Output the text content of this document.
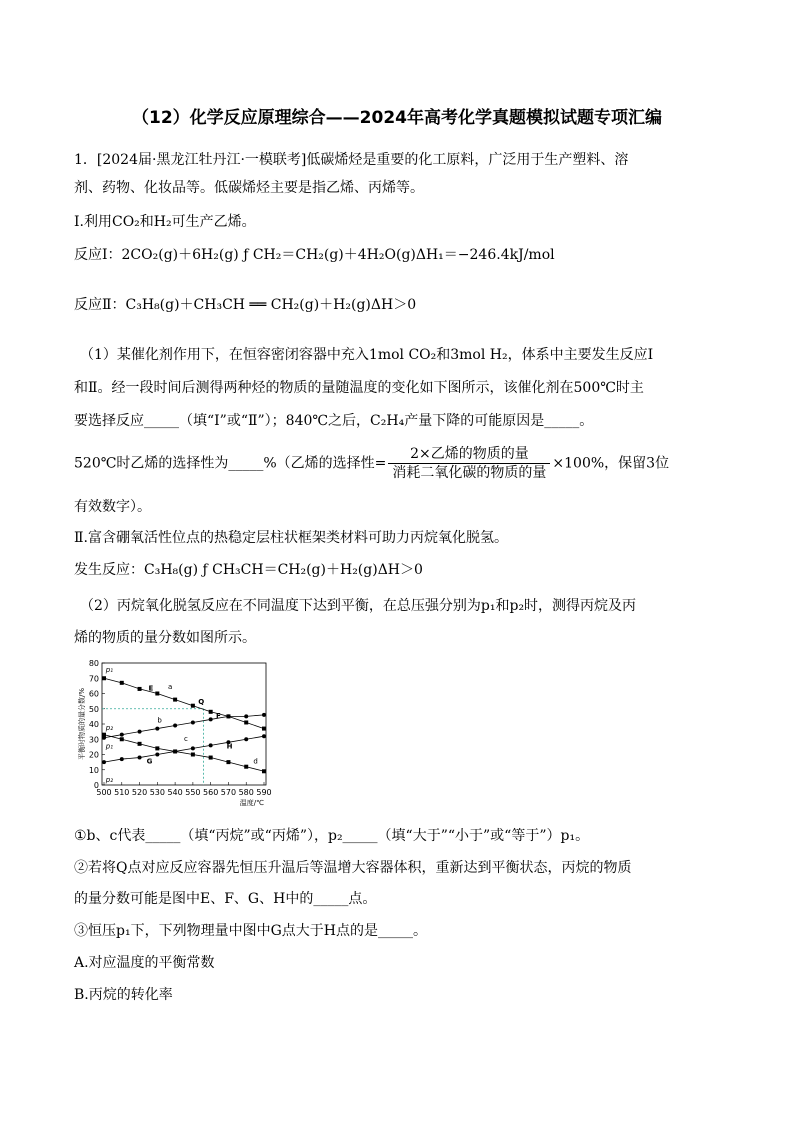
（12）化学反应原理综合——2024年高考化学真题模拟试题专项汇编
1．[2024届·黑龙江牡丹江·一模联考]低碳烯烃是重要的化工原料，广泛用于生产塑料、溶
剂、药物、化妆品等。低碳烯烃主要是指乙烯、丙烯等。
Ⅰ.利用CO₂和H₂可生产乙烯。
反应Ⅰ：2CO₂(g)＋6H₂(g) ƒ CH₂＝CH₂(g)＋4H₂O(g)ΔH₁＝−246.4kJ/mol
反应Ⅱ：C₃H₈(g)＋CH₃CH ══ CH₂(g)＋H₂(g)ΔH＞0
（1）某催化剂作用下，在恒容密闭容器中充入1mol CO₂和3mol H₂，体系中主要发生反应Ⅰ
和Ⅱ。经一段时间后测得两种烃的物质的量随温度的变化如下图所示，该催化剂在500℃时主
要选择反应_____（填“Ⅰ”或“Ⅱ”）；840℃之后，C₂H₄产量下降的可能原因是_____。
520℃时乙烯的选择性为_____%（乙烯的选择性= $\frac{\text{2×乙烯的物质的量}}{\text{消耗二氧化碳的物质的量}} \times 100\%$，保留3位
有效数字）。
Ⅱ.富含硼氧活性位点的热稳定层柱状框架类材料可助力丙烷氧化脱氢。
发生反应：C₃H₈(g) ƒ CH₃CH＝CH₂(g)＋H₂(g)ΔH＞0
（2）丙烷氧化脱氢反应在不同温度下达到平衡，在总压强分别为p₁和p₂时，测得丙烷及丙
烯的物质的量分数如图所示。
0
10
20
30
40
50
60
70
80
500 510 520 530 540 550 560 570 580 590
温度/℃
平衡时物质的量分数/%
a
b
c
d
p₁
p₂
p₁
p₂
E
F
Q
G
H
①b、c代表_____（填“丙烷”或“丙烯”），p₂_____（填“大于”“小于”或“等于”）p₁。
②若将Q点对应反应容器先恒压升温后等温增大容器体积，重新达到平衡状态，丙烷的物质
的量分数可能是图中E、F、G、H中的_____点。
③恒压p₁下，下列物理量中图中G点大于H点的是_____。
A.对应温度的平衡常数
B.丙烷的转化率
